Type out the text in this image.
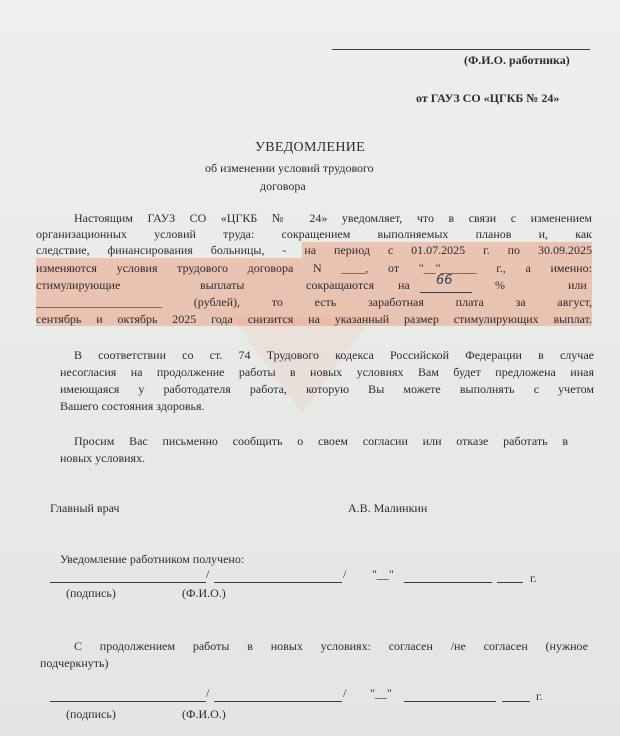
(Ф.И.О. работника)
от ГАУЗ СО «ЦГКБ № 24»
УВЕДОМЛЕНИЕ
об изменении условий трудового
договора
Настоящим ГАУЗ СО «ЦГКБ № 24» уведомляет, что в связи с изменением
организационных условий труда: сокращением выполняемых планов и, как
следствие, финансирования больницы, - на период с 01.07.2025 г. по 30.09.2025
изменяются условия трудового договора N ____, от "__"______ г., а именно:
стимулирующие	выплаты	сокращаются на 66	%	или
_____________________ (рублей), то есть заработная плата за август,
сентябрь и октябрь 2025 года снизится на указанный размер стимулирующих выплат.
В соответствии со ст. 74 Трудового кодекса Российской Федерации в случае
несогласия на продолжение работы в новых условиях Вам будет предложена иная
имеющаяся у работодателя работа, которую Вы можете выполнять с учетом
Вашего состояния здоровья.
Просим Вас письменно сообщить о своем согласии или отказе работать в
новых условиях.
Главный врач	А.В. Малинкин
Уведомление работником получено:
/	/ "__"	г.
(подпись)	(Ф.И.О.)
С продолжением работы в новых условиях: согласен /не согласен (нужное
подчеркнуть)
/	/ "__"	г.
(подпись)	(Ф.И.О.)
